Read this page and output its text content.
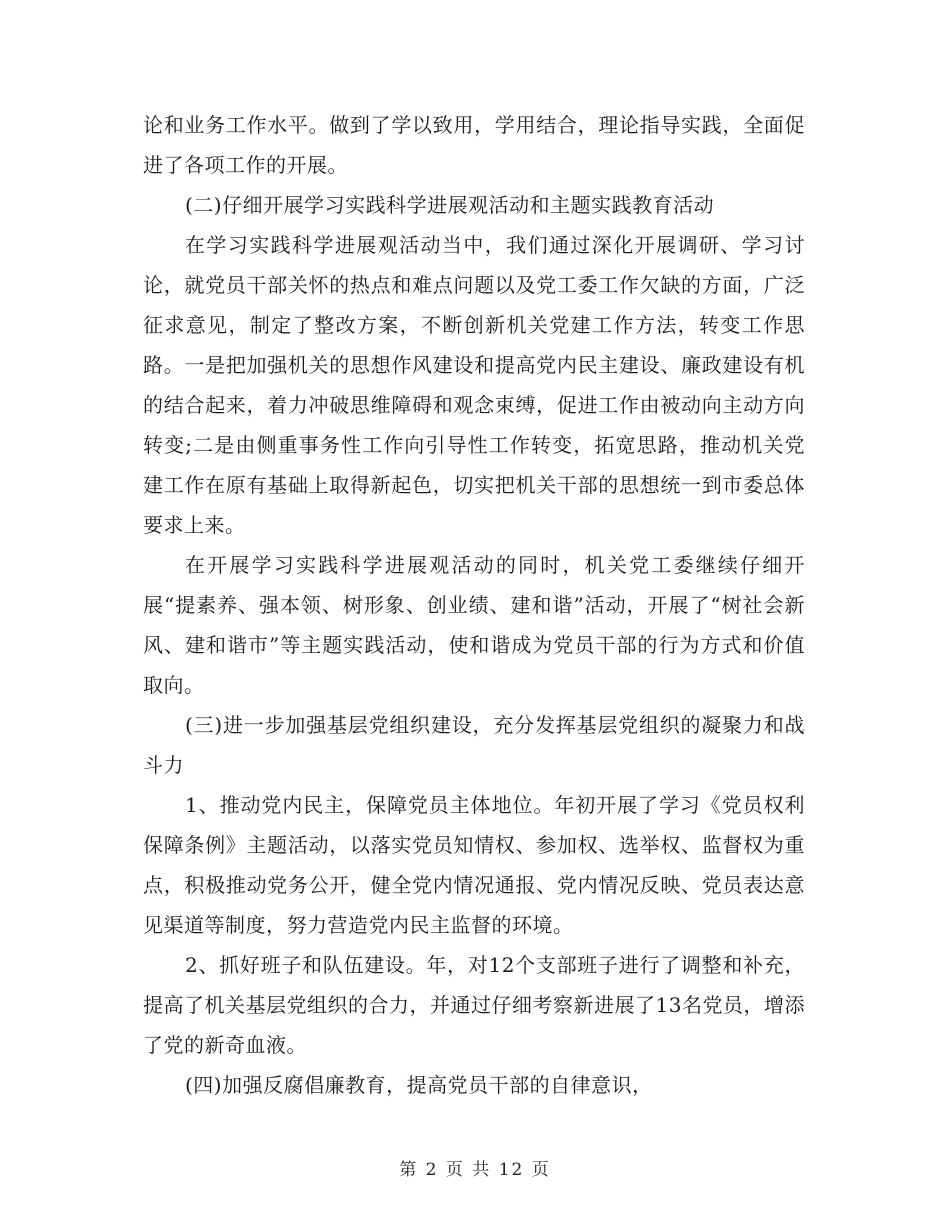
论和业务工作水平。做到了学以致用，学用结合，理论指导实践，全面促进了各项工作的开展。

(二)仔细开展学习实践科学进展观活动和主题实践教育活动

在学习实践科学进展观活动当中，我们通过深化开展调研、学习讨论，就党员干部关怀的热点和难点问题以及党工委工作欠缺的方面，广泛征求意见，制定了整改方案，不断创新机关党建工作方法，转变工作思路。一是把加强机关的思想作风建设和提高党内民主建设、廉政建设有机的结合起来，着力冲破思维障碍和观念束缚，促进工作由被动向主动方向转变;二是由侧重事务性工作向引导性工作转变，拓宽思路，推动机关党建工作在原有基础上取得新起色，切实把机关干部的思想统一到市委总体要求上来。

在开展学习实践科学进展观活动的同时，机关党工委继续仔细开展“提素养、强本领、树形象、创业绩、建和谐”活动，开展了“树社会新风、建和谐市”等主题实践活动，使和谐成为党员干部的行为方式和价值取向。

(三)进一步加强基层党组织建设，充分发挥基层党组织的凝聚力和战斗力

1、推动党内民主，保障党员主体地位。年初开展了学习《党员权利保障条例》主题活动，以落实党员知情权、参加权、选举权、监督权为重点，积极推动党务公开，健全党内情况通报、党内情况反映、党员表达意见渠道等制度，努力营造党内民主监督的环境。

2、抓好班子和队伍建设。年，对12个支部班子进行了调整和补充，提高了机关基层党组织的合力，并通过仔细考察新进展了13名党员，增添了党的新奇血液。

(四)加强反腐倡廉教育，提高党员干部的自律意识，

第 2 页 共 12 页
